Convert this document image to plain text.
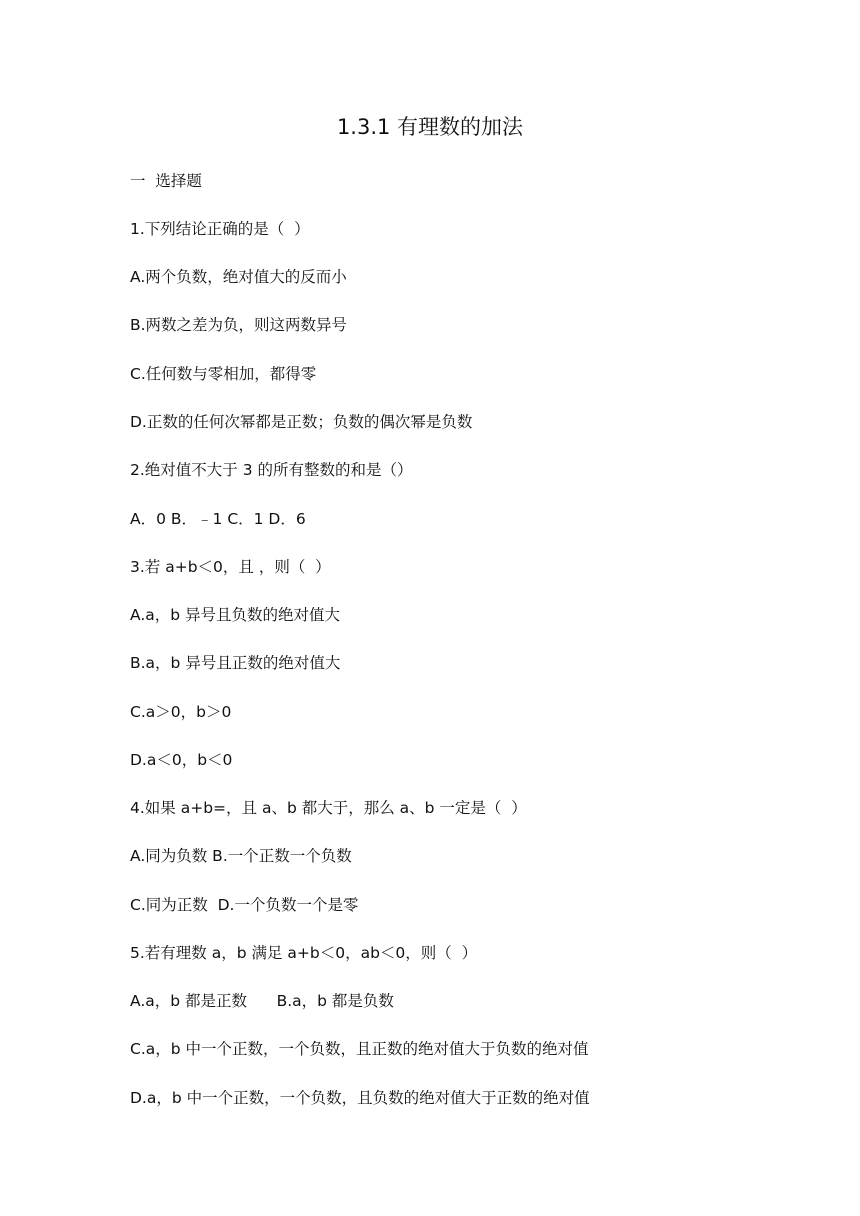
1.3.1 有理数的加法
一  选择题
1.下列结论正确的是（  ）
A.两个负数，绝对值大的反而小
B.两数之差为负，则这两数异号
C.任何数与零相加，都得零
D.正数的任何次幂都是正数；负数的偶次幂是负数
2.绝对值不大于 3 的所有整数的和是（）
A．0 B．﹣1 C．1 D．6
3.若 a+b＜0，且 ，则（  ）
A.a，b 异号且负数的绝对值大
B.a，b 异号且正数的绝对值大
C.a＞0，b＞0
D.a＜0，b＜0
4.如果 a+b=，且 a、b 都大于，那么 a、b 一定是（  ）
A.同为负数 B.一个正数一个负数
C.同为正数  D.一个负数一个是零
5.若有理数 a，b 满足 a+b＜0，ab＜0，则（  ）
A.a，b 都是正数      B.a，b 都是负数
C.a，b 中一个正数，一个负数，且正数的绝对值大于负数的绝对值
D.a，b 中一个正数，一个负数，且负数的绝对值大于正数的绝对值
